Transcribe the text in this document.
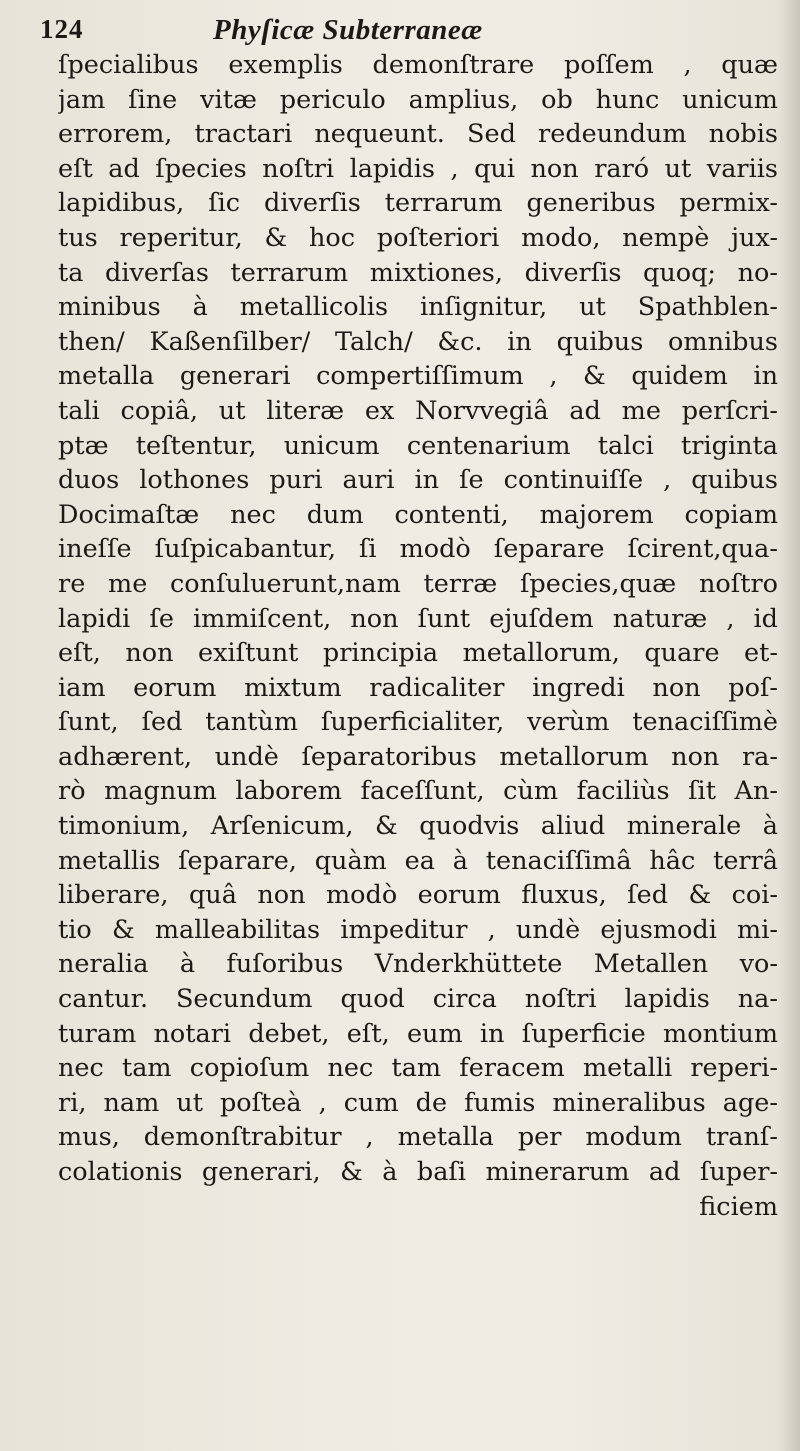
124	Phyſicæ Subterraneæ
ſpecialibus exemplis demonſtrare poſſem , quæ
jam ſine vitæ periculo amplius, ob hunc unicum
errorem, tractari nequeunt. Sed redeundum nobis
eſt ad ſpecies noſtri lapidis , qui non raró ut variis
lapidibus, ſic diverſis terrarum generibus permix-
tus reperitur, & hoc poſteriori modo, nempè jux-
ta diverſas terrarum mixtiones, diverſis quoq; no-
minibus à metallicolis inſignitur, ut Spathblen-
then/ Kaßenſilber/ Talch/ &c. in quibus omnibus
metalla generari compertiſſimum , & quidem in
tali copiâ, ut literæ ex Norvvegiâ ad me perſcri-
ptæ teſtentur, unicum centenarium talci triginta
duos lothones puri auri in ſe continuiſſe , quibus
Docimaſtæ nec dum contenti, majorem copiam
ineſſe ſuſpicabantur, ſi modò ſeparare ſcirent,qua-
re me conſuluerunt,nam terræ ſpecies,quæ noſtro
lapidi ſe immiſcent, non ſunt ejuſdem naturæ , id
eſt, non exiſtunt principia metallorum, quare et-
iam eorum mixtum radicaliter ingredi non poſ-
ſunt, ſed tantùm ſuperficialiter, verùm tenaciſſimè
adhærent, undè ſeparatoribus metallorum non ra-
rò magnum laborem faceſſunt, cùm faciliùs ſit An-
timonium, Arſenicum, & quodvis aliud minerale à
metallis ſeparare, quàm ea à tenaciſſimâ hâc terrâ
liberare, quâ non modò eorum fluxus, ſed & coi-
tio & malleabilitas impeditur , undè ejusmodi mi-
neralia à fuſoribus Vnderkhüttete Metallen vo-
cantur. Secundum quod circa noſtri lapidis na-
turam notari debet, eſt, eum in ſuperficie montium
nec tam copioſum nec tam feracem metalli reperi-
ri, nam ut poſteà , cum de fumis mineralibus age-
mus, demonſtrabitur , metalla per modum tranſ-
colationis generari, & à baſi minerarum ad ſuper-
ficiem
